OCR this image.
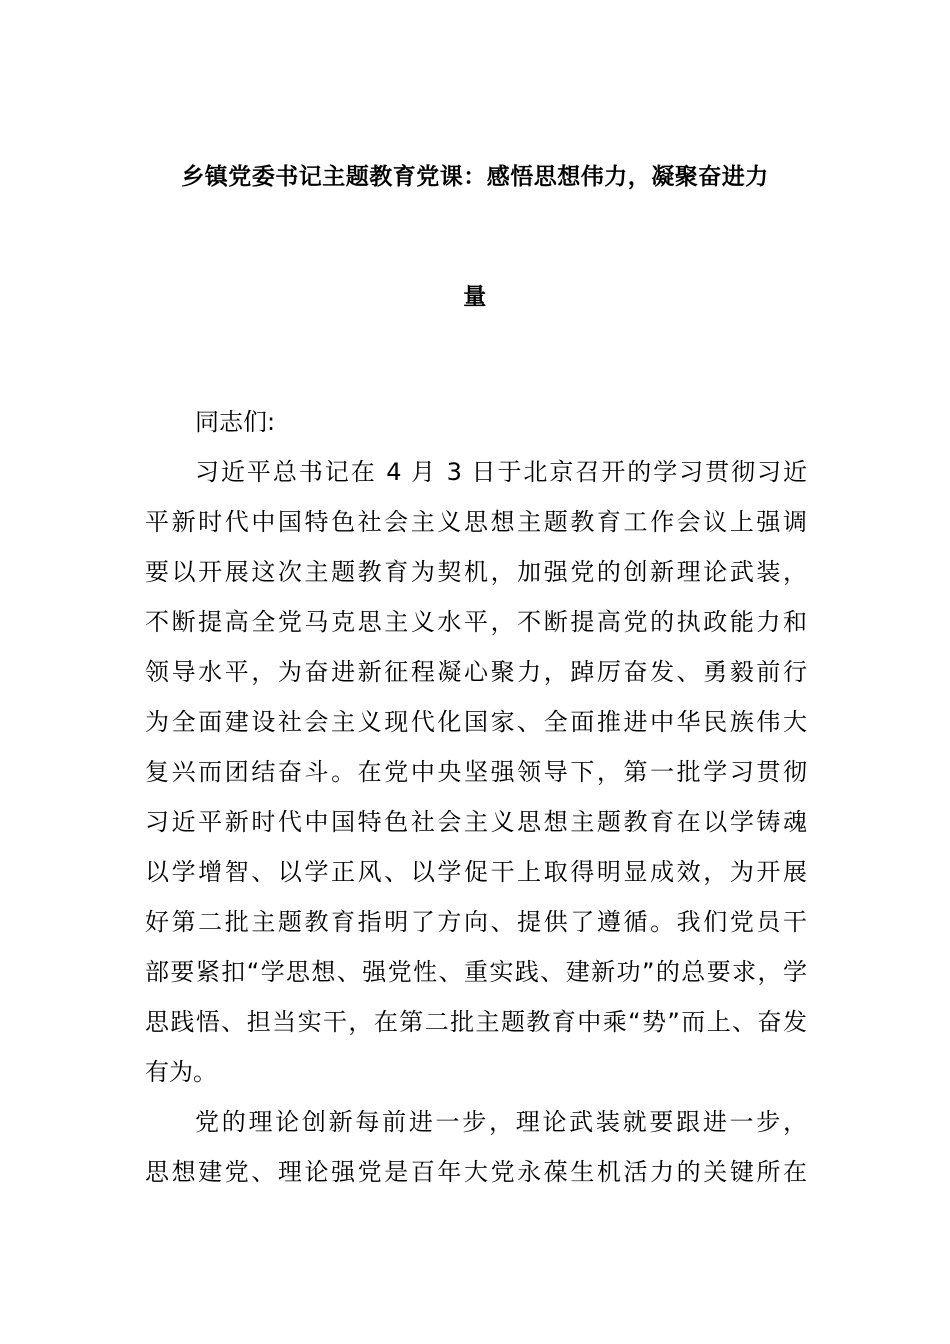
乡镇党委书记主题教育党课：感悟思想伟力，凝聚奋进力
量
同志们:
习近平总书记在 4 月 3 日于北京召开的学习贯彻习近
平新时代中国特色社会主义思想主题教育工作会议上强调
要以开展这次主题教育为契机，加强党的创新理论武装，
不断提高全党马克思主义水平，不断提高党的执政能力和
领导水平，为奋进新征程凝心聚力，踔厉奋发、勇毅前行
为全面建设社会主义现代化国家、全面推进中华民族伟大
复兴而团结奋斗。在党中央坚强领导下，第一批学习贯彻
习近平新时代中国特色社会主义思想主题教育在以学铸魂
以学增智、以学正风、以学促干上取得明显成效，为开展
好第二批主题教育指明了方向、提供了遵循。我们党员干
部要紧扣“学思想、强党性、重实践、建新功”的总要求，学
思践悟、担当实干，在第二批主题教育中乘“势”而上、奋发
有为。
党的理论创新每前进一步，理论武装就要跟进一步，
思想建党、理论强党是百年大党永葆生机活力的关键所在
